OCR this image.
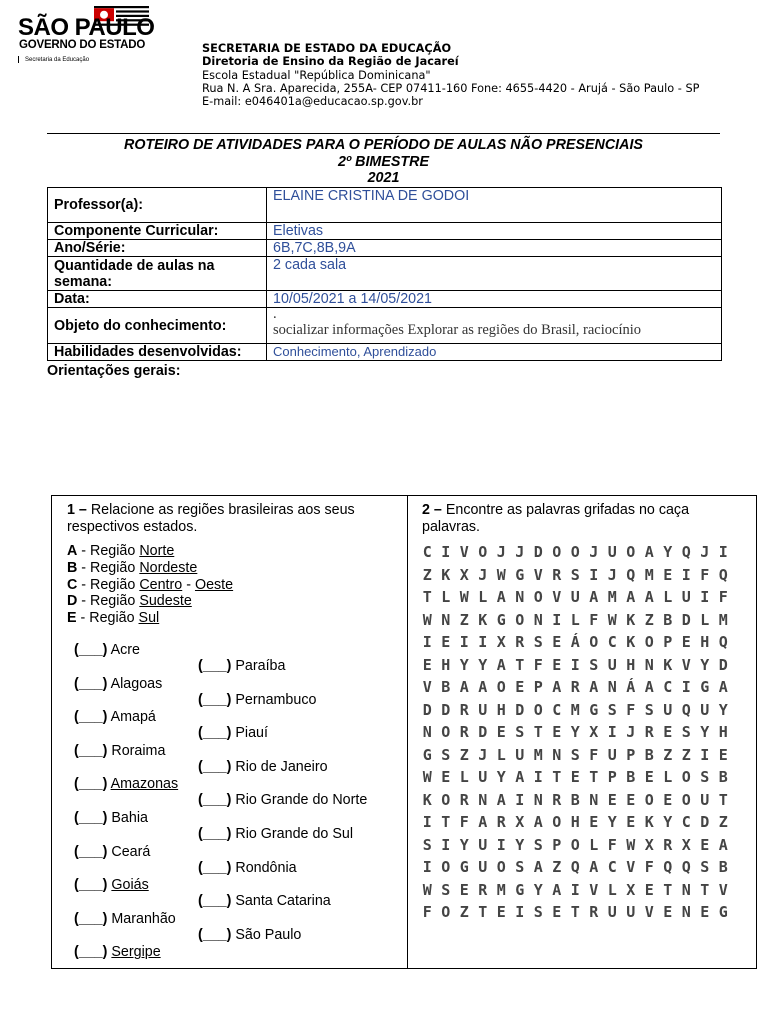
SÃO PAULO
GOVERNO DO ESTADO
Secretaria da Educação
SECRETARIA DE ESTADO DA EDUCAÇÃO
Diretoria de Ensino da Região de Jacareí
Escola Estadual "República Dominicana"
Rua N. A Sra. Aparecida, 255A- CEP 07411-160 Fone: 4655-4420 - Arujá - São Paulo - SP
E-mail: e046401a@educacao.sp.gov.br
ROTEIRO DE ATIVIDADES PARA O PERÍODO DE AULAS NÃO PRESENCIAIS
2º BIMESTRE
2021
Professor(a):	ELAINE CRISTINA DE GODOI
Componente Curricular:	Eletivas
Ano/Série:	6B,7C,8B,9A
Quantidade de aulas na semana:	2 cada sala
Data:	10/05/2021 a 14/05/2021
Objeto do conhecimento:	.
socializar informações Explorar as regiões do Brasil, raciocínio

Habilidades desenvolvidas:	Conhecimento, Aprendizado
Orientações gerais:
1 – Relacione as regiões brasileiras aos seus respectivos estados.
A - Região Norte
B - Região Nordeste
C - Região Centro - Oeste
D - Região Sudeste
E - Região Sul
(___) Acre
(___) Alagoas
(___) Amapá
(___) Roraima
(___) Amazonas
(___) Bahia
(___) Ceará
(___) Goiás
(___) Maranhão
(___) Sergipe
(___) Paraíba
(___) Pernambuco
(___) Piauí
(___) Rio de Janeiro
(___) Rio Grande do Norte
(___) Rio Grande do Sul
(___) Rondônia
(___) Santa Catarina
(___) São Paulo
2 – Encontre as palavras grifadas no caça palavras.
C I V O J J D O O J U O A Y Q J I
Z K X J W G V R S I J Q M E I F Q
T L W L A N O V U A M A A L U I F
W N Z K G O N I L F W K Z B D L M
I E I I X R S E Á O C K O P E H Q
E H Y Y A T F E I S U H N K V Y D
V B A A O E P A R A N Á A C I G A
D D R U H D O C M G S F S U Q U Y
N O R D E S T E Y X I J R E S Y H
G S Z J L U M N S F U P B Z Z I E
W E L U Y A I T E T P B E L O S B
K O R N A I N R B N E E O E O U T
I T F A R X A O H E Y E K Y C D Z
S I Y U I Y S P O L F W X R X E A
I O G U O S A Z Q A C V F Q Q S B
W S E R M G Y A I V L X E T N T V
F O Z T E I S E T R U U V E N E G
